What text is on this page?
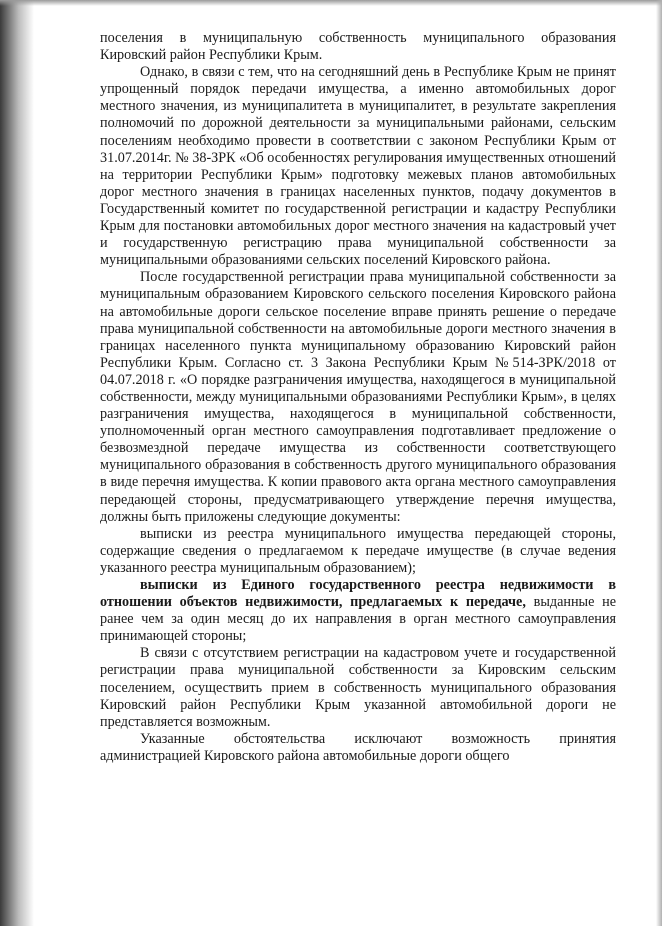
поселения в муниципальную собственность муниципального образования Кировский район Республики Крым.

Однако, в связи с тем, что на сегодняшний день в Республике Крым не принят упрощенный порядок передачи имущества, а именно автомобильных дорог местного значения, из муниципалитета в муниципалитет, в результате закрепления полномочий по дорожной деятельности за муниципальными районами, сельским поселениям необходимо провести в соответствии с законом Республики Крым от 31.07.2014г. № 38-ЗРК «Об особенностях регулирования имущественных отношений на территории Республики Крым» подготовку межевых планов автомобильных дорог местного значения в границах населенных пунктов, подачу документов в Государственный комитет по государственной регистрации и кадастру Республики Крым для постановки автомобильных дорог местного значения на кадастровый учет и государственную регистрацию права муниципальной собственности за муниципальными образованиями сельских поселений Кировского района.

После государственной регистрации права муниципальной собственности за муниципальным образованием Кировского сельского поселения Кировского района на автомобильные дороги сельское поселение вправе принять решение о передаче права муниципальной собственности на автомобильные дороги местного значения в границах населенного пункта муниципальному образованию Кировский район Республики Крым. Согласно ст. 3 Закона Республики Крым №514-ЗРК/2018 от 04.07.2018 г. «О порядке разграничения имущества, находящегося в муниципальной собственности, между муниципальными образованиями Республики Крым», в целях разграничения имущества, находящегося в муниципальной собственности, уполномоченный орган местного самоуправления подготавливает предложение о безвозмездной передаче имущества из собственности соответствующего муниципального образования в собственность другого муниципального образования в виде перечня имущества. К копии правового акта органа местного самоуправления передающей стороны, предусматривающего утверждение перечня имущества, должны быть приложены следующие документы:

выписки из реестра муниципального имущества передающей стороны, содержащие сведения о предлагаемом к передаче имуществе (в случае ведения указанного реестра муниципальным образованием);

выписки из Единого государственного реестра недвижимости в отношении объектов недвижимости, предлагаемых к передаче, выданные не ранее чем за один месяц до их направления в орган местного самоуправления принимающей стороны;

В связи с отсутствием регистрации на кадастровом учете и государственной регистрации права муниципальной собственности за Кировским сельским поселением, осуществить прием в собственность муниципального образования Кировский район Республики Крым указанной автомобильной дороги не представляется возможным.

Указанные обстоятельства исключают возможность принятия администрацией Кировского района автомобильные дороги общего
